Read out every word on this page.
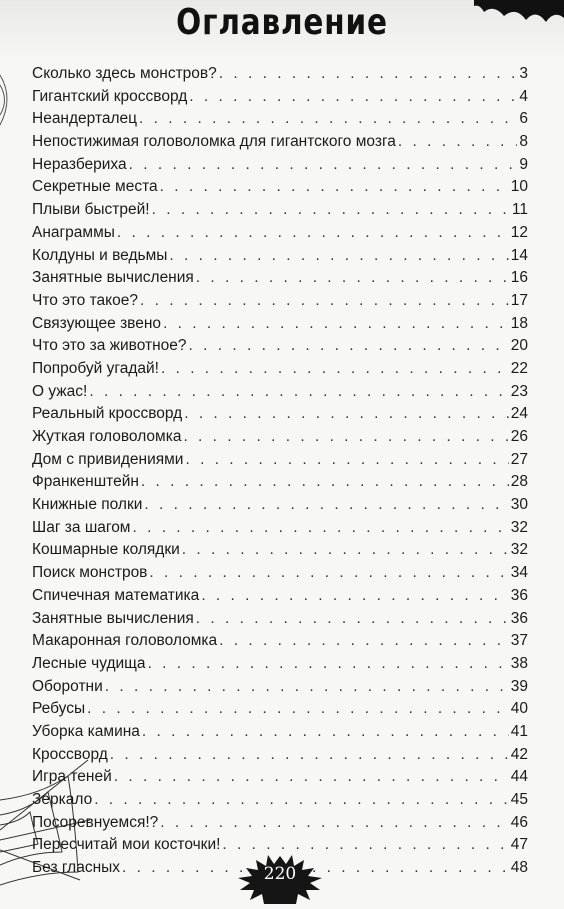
Оглавление
Сколько здесь монстров? . . .	3
Гигантский кроссворд . . .	4
Неандерталец . . .	6
Непостижимая головоломка для гигантского мозга . . .	8
Неразбериха . . .	9
Секретные места . . .	10
Плыви быстрей! . . .	11
Анаграммы . . .	12
Колдуны и ведьмы . . .	14
Занятные вычисления . . .	16
Что это такое? . . .	17
Связующее звено . . .	18
Что это за животное? . . .	20
Попробуй угадай! . . .	22
О ужас! . . .	23
Реальный кроссворд . . .	24
Жуткая головоломка . . .	26
Дом с привидениями . . .	27
Франкенштейн . . .	28
Книжные полки . . .	30
Шаг за шагом . . .	32
Кошмарные колядки . . .	32
Поиск монстров . . .	34
Спичечная математика . . .	36
Занятные вычисления . . .	36
Макаронная головоломка . . .	37
Лесные чудища . . .	38
Оборотни . . .	39
Ребусы . . .	40
Уборка камина . . .	41
Кроссворд . . .	42
Игра теней . . .	44
Зеркало . . .	45
Посоревнуемся!? . . .	46
Пересчитай мои косточки! . . .	47
Без гласных . . .	48
220
